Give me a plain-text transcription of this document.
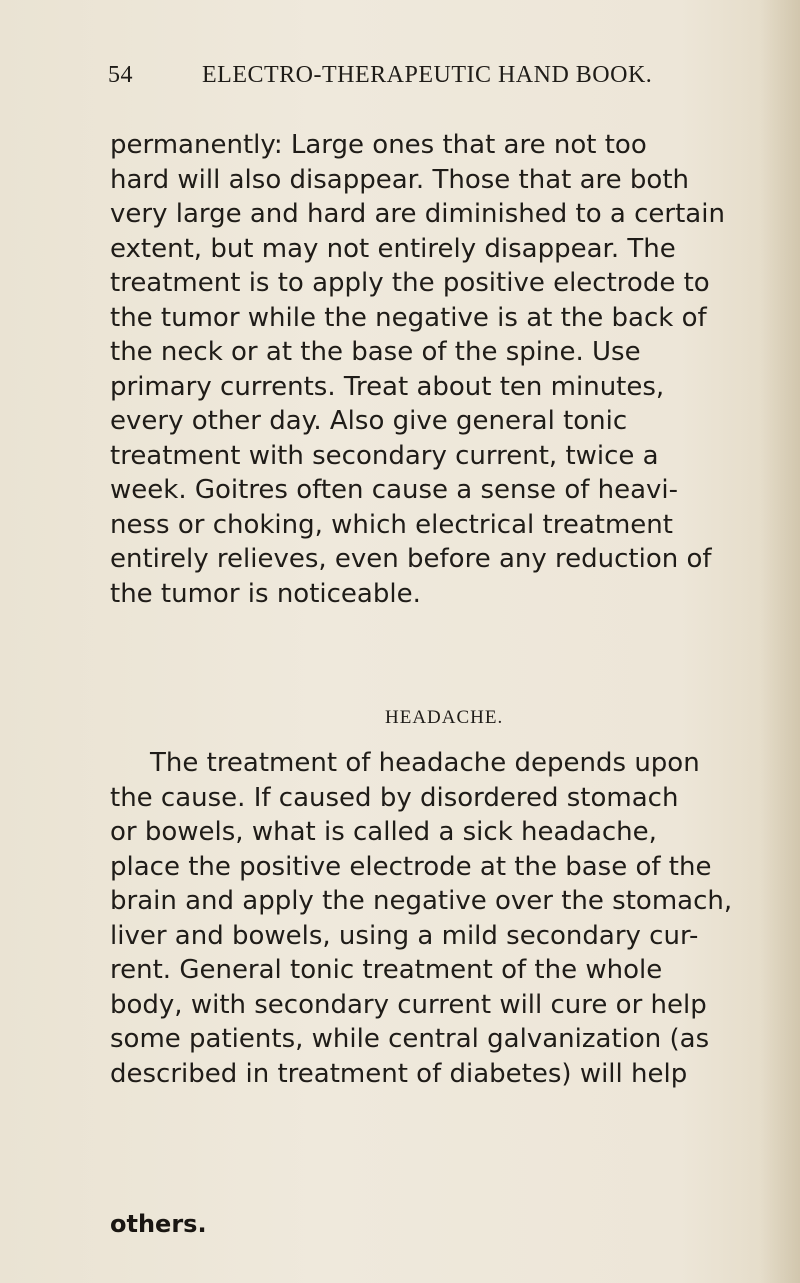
54	ELECTRO-THERAPEUTIC HAND BOOK.
permanently: Large ones that are not too
hard will also disappear. Those that are both
very large and hard are diminished to a certain
extent, but may not entirely disappear. The
treatment is to apply the positive electrode to
the tumor while the negative is at the back of
the neck or at the base of the spine. Use
primary currents. Treat about ten minutes,
every other day. Also give general tonic
treatment with secondary current, twice a
week. Goitres often cause a sense of heavi-
ness or choking, which electrical treatment
entirely relieves, even before any reduction of
the tumor is noticeable.
HEADACHE.
The treatment of headache depends upon
the cause. If caused by disordered stomach
or bowels, what is called a sick headache,
place the positive electrode at the base of the
brain and apply the negative over the stomach,
liver and bowels, using a mild secondary cur-
rent. General tonic treatment of the whole
body, with secondary current will cure or help
some patients, while central galvanization (as
described in treatment of diabetes) will help
others.
